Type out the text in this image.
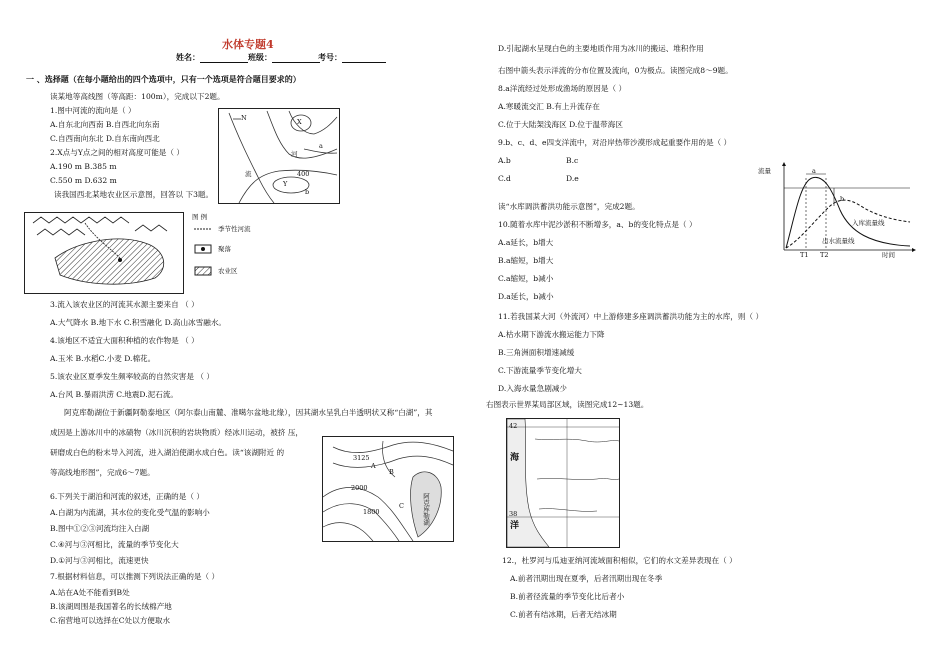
水体专题4
姓名：	班级：	考号：
一 、选择题（在每小题给出的四个选项中，只有一个选项是符合题目要求的）
读某地等高线图（等高距：100m），完成以下2题。
1.图中河流的流向是（ ）
A.自东北向西南 B.自西北向东南
C.自西南向东北 D.自东南向西北
2.X点与Y点之间的相对高度可能是（ ）
A.190 m B.385 m
C.550 m D.632 m
读我国西北某地农业区示意图，回答以 下3题。
3.流入该农业区的河流其水源主要来自 （ ）
A.大气降水 B.地下水 C.积雪融化 D.高山冰雪融水。
4.该地区不适宜大面积种植的农作物是 （ ）
A.玉米 B.水稻C.小麦 D.棉花。
5.该农业区夏季发生频率较高的自然灾害是 （ ）
A.台风 B.暴雨洪涝 C.地震D.泥石流。
阿克库勒湖位于新疆阿勒泰地区（阿尔泰山南麓、准噶尔盆地北缘），因其湖水呈乳白半透明状又称“白湖”，其
成因是上游冰川中的冰碛物（冰川沉积的岩块物质）经冰川运动，被挤 压，
研磨成白色的粉末导入河流，进入湖泊使湖水成白色。读“该湖附近 的
等高线地形图”，完成6～7题。
6.下列关于湖泊和河流的叙述，正确的是（ ）
A.白湖为内流湖，其水位的变化受气温的影响小
B.图中①②③河流均注入白湖
C.④河与③河相比，流量的季节变化大
D.①河与③河相比，流速更快
7.根据材料信息，可以推测下列说法正确的是（ ）
A.站在A处不能看到B处
B.该湖周围是我国著名的长绒棉产地
C.宿营地可以选择在C处以方便取水
N
河
流
a
b
X
Y
400
图 例
季节性河流
聚落
农业区
3125
阿克库勒湖
A
B
C
2000
1800
D.引起湖水呈现白色的主要地质作用为冰川的搬运、堆积作用
右图中箭头表示洋流的分布位置及流向，0为极点。读图完成8～9题。
8.a洋流经过处形成渔场的原因是（ ）
A.寒暖流交汇 B.有上升流存在
C.位于大陆架浅海区 D.位于温带海区
9.b、c、d、e四支洋流中，对沿岸热带沙漠形成起重要作用的是（ ）
A.b	B.c
C.d	D.e
读“水库调洪蓄洪功能示意图”，完成2题。
10.随着水库中泥沙淤积不断增多，a、b的变化特点是（ ）
A.a延长，b增大
B.a缩短，b增大
C.a缩短，b减小
D.a延长，b减小
11.若我国某大河（外流河）中上游修建多座调洪蓄洪功能为主的水库，则（ ）
A.枯水期下游流水搬运能力下降
B.三角洲面积增速减缓
C.下游流量季节变化增大
D.入海水量急剧减少
右图表示世界某局部区域，读图完成12~13题。
12.，杜罗河与瓜迪亚纳河流域面积相似，它们的水文差异表现在（ ）
A.前者汛期出现在夏季，后者汛期出现在冬季
B.前者径流量的季节变化比后者小
C.前者有结冰期，后者无结冰期
流量
时间
T1 T2
a
b
入库流量线
出水流量线
42
38
海
洋
